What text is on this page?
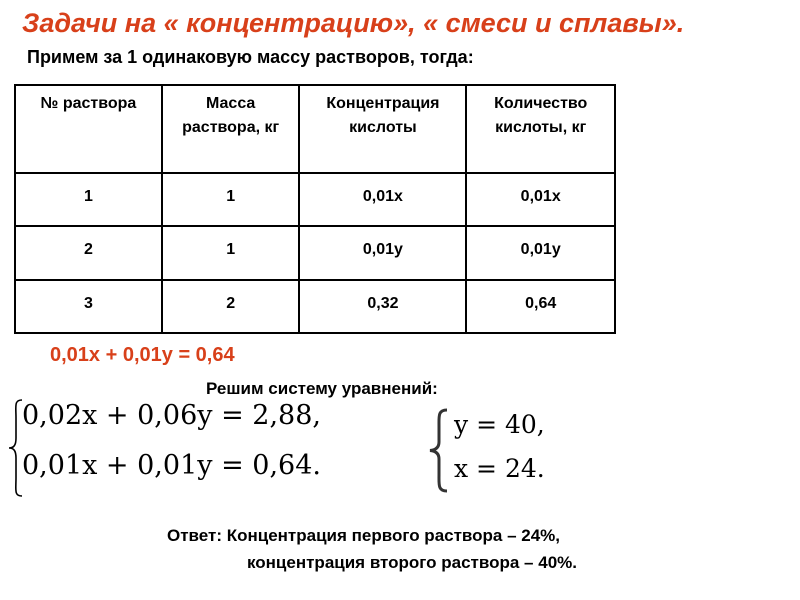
Задачи на « концентрацию», « смеси и сплавы».
Примем за 1 одинаковую массу растворов, тогда:
№ раствора	Масса раствора, кг	Концентрация кислоты	Количество кислоты, кг
1	1	0,01х	0,01х
2	1	0,01у	0,01у
3	2	0,32	0,64
0,01х + 0,01у = 0,64
Решим систему уравнений:
0,02x + 0,06y = 2,88,
0,01x + 0,01y = 0,64.
y = 40,
x = 24.
Ответ: Концентрация первого раствора – 24%,
концентрация второго раствора – 40%.
